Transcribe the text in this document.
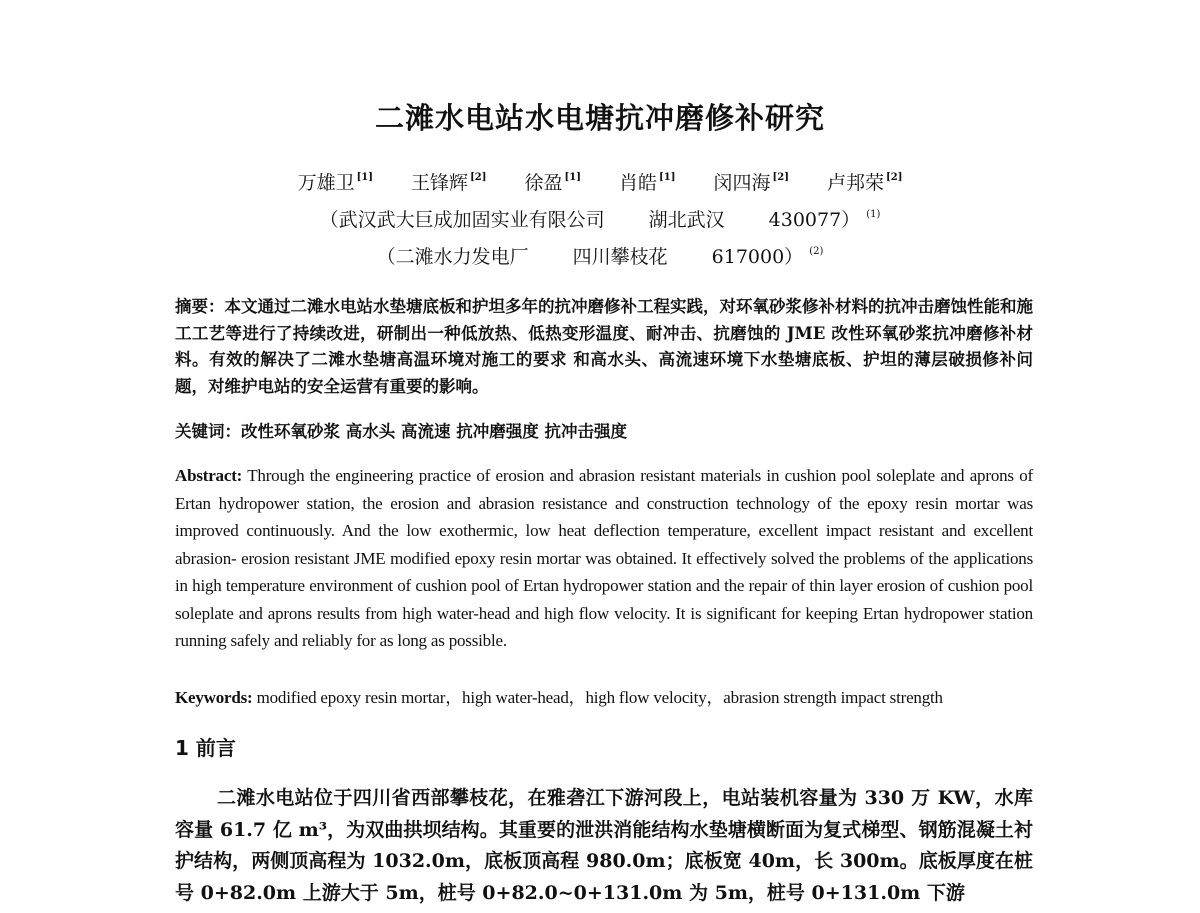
二滩水电站水电塘抗冲磨修补研究
万雄卫 [1] 王锋辉 [2] 徐盈 [1] 肖皓 [1] 闵四海 [2] 卢邦荣 [2]
（武汉武大巨成加固实业有限公司 湖北武汉 430077） $^{(1)}$
（二滩水力发电厂 四川攀枝花 617000） $^{(2)}$

摘要：本文通过二滩水电站水垫塘底板和护坦多年的抗冲磨修补工程实践，对环氧砂浆修补材料的抗冲击磨蚀性能和施工工艺等进行了持续改进，研制出一种低放热、低热变形温度、耐冲击、抗磨蚀的 JME 改性环氧砂浆抗冲磨修补材料。有效的解决了二滩水垫塘高温环境对施工的要求 和高水头、高流速环境下水垫塘底板、护坦的薄层破损修补问题，对维护电站的安全运营有重要的影响。

关键词：改性环氧砂浆 高水头 高流速 抗冲磨强度 抗冲击强度

Abstract: Through the engineering practice of erosion and abrasion resistant materials in cushion pool soleplate and aprons of Ertan hydropower station, the erosion and abrasion resistance and construction technology of the epoxy resin mortar was improved continuously. And the low exothermic, low heat deflection temperature, excellent impact resistant and excellent abrasion- erosion resistant JME modified epoxy resin mortar was obtained. It effectively solved the problems of the applications in high temperature environment of cushion pool of Ertan hydropower station and the repair of thin layer erosion of cushion pool soleplate and aprons results from high water-head and high flow velocity. It is significant for keeping Ertan hydropower station running safely and reliably for as long as possible.

Keywords: modified epoxy resin mortar，high water-head，high flow velocity，abrasion strength impact strength

1 前言

二滩水电站位于四川省西部攀枝花，在雅砻江下游河段上，电站装机容量为 330 万 KW，水库容量 61.7 亿 m³，为双曲拱坝结构。其重要的泄洪消能结构水垫塘横断面为复式梯型、钢筋混凝土衬护结构，两侧顶高程为 1032.0m，底板顶高程 980.0m；底板宽 40m，长 300m。底板厚度在桩号 0+82.0m 上游大于 5m，桩号 0+82.0~0+131.0m 为 5m，桩号 0+131.0m 下游
